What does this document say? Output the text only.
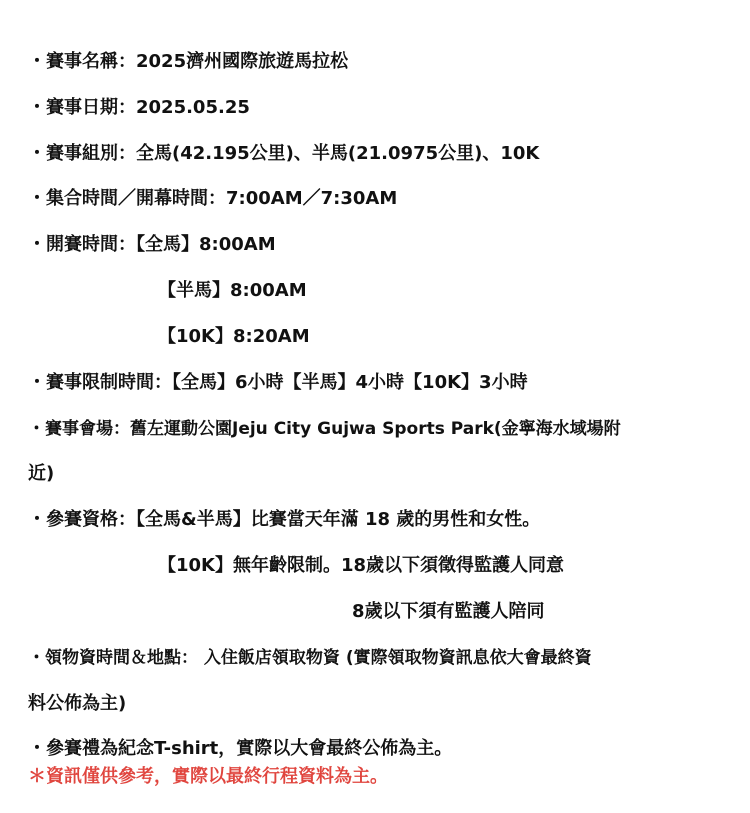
・賽事名稱：2025濟州國際旅遊馬拉松
・賽事日期：2025.05.25
・賽事組別：全馬(42.195公里)、半馬(21.0975公里)、10K
・集合時間／開幕時間：7:00AM／7:30AM
・開賽時間：【全馬】8:00AM
【半馬】8:00AM
【10K】8:20AM
・賽事限制時間：【全馬】6小時【半馬】4小時【10K】3小時
・賽事會場：舊左運動公園Jeju City Gujwa Sports Park(金寧海水域場附
近)
・參賽資格：【全馬&半馬】比賽當天年滿 18 歲的男性和女性。
【10K】無年齡限制。18歲以下須徵得監護人同意
8歲以下須有監護人陪同
・領物資時間＆地點： 入住飯店領取物資 (實際領取物資訊息依大會最終資
料公佈為主)
・參賽禮為紀念T-shirt，實際以大會最終公佈為主。
＊資訊僅供參考，實際以最終行程資料為主。
